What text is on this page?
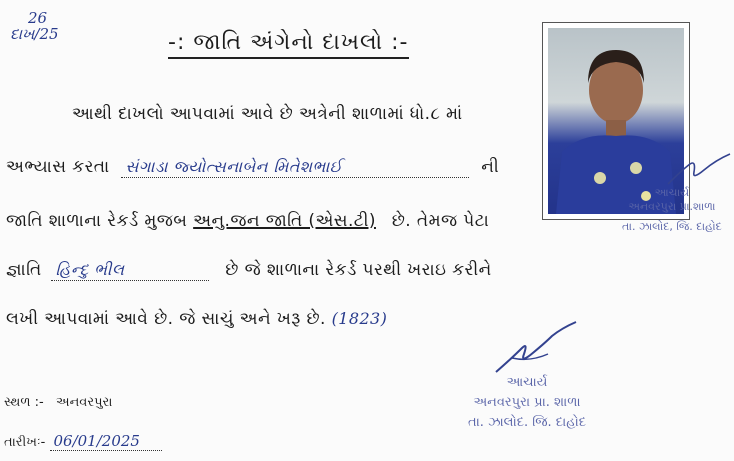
26
દાખ/25	-: જાતિ અંગેનો દાખલો :-
આથી દાખલો આપવામાં આવે છે અત્રેની શાળામાં ધો.૮ માં
અભ્યાસ કરતા સંગાડા જ્યોત્સનાબેન મિતેશભાઈ	ની
જાતિ શાળાના રેકર્ડ મુજબ અનુ.જન જાતિ (એસ.ટી) છે. તેમજ પેટા
જ્ઞાતિ હિન્દુ ભીલ	છે જે શાળાના રેકર્ડ પરથી ખરાઇ કરીને
લખી આપવામાં આવે છે. જે સાચું અને ખરૂ છે. (1823)
આચાર્ય
અનવરપુરા પ્રા.શાળા
તા. ઝાલોદ, જિ. દાહોદ
આચાર્ય
અનવરપુરા પ્રા. શાળા
તા. ઝાલોદ. જિ. દાહોદ
સ્થળ :- અનવરપુરા
તારીખઃ- 06/01/2025
